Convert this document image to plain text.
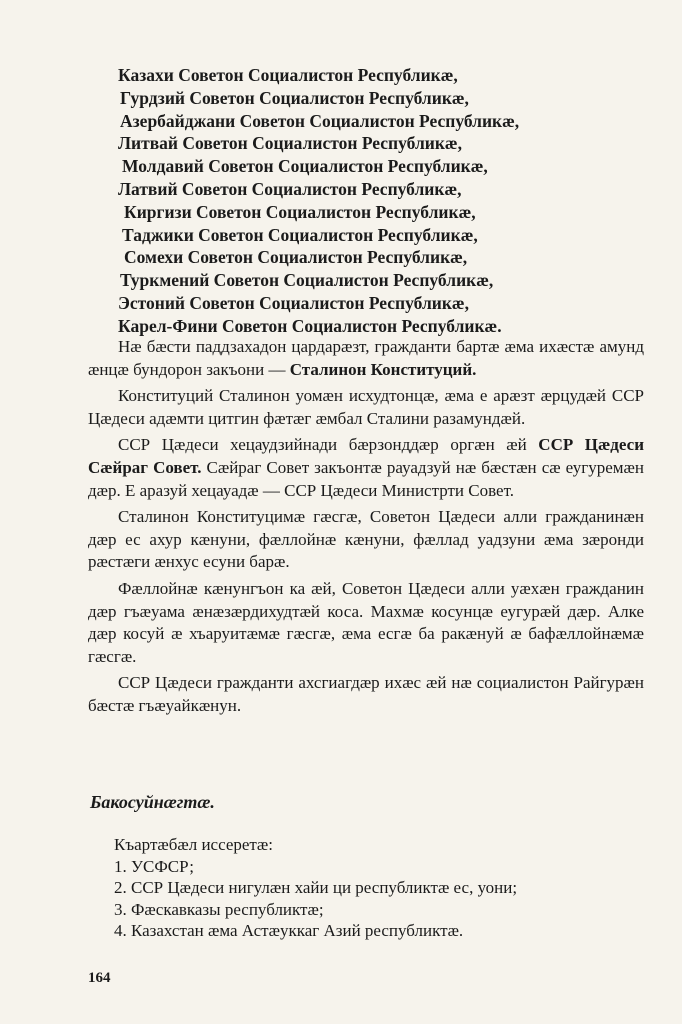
Казахи Советон Социалистон Республикæ,
Гурдзий Советон Социалистон Республикæ,
Азербайджани Советон Социалистон Республикæ,
Литвай Советон Социалистон Республикæ,
Молдавий Советон Социалистон Республикæ,
Латвий Советон Социалистон Республикæ,
Киргизи Советон Социалистон Республикæ,
Таджики Советон Социалистон Республикæ,
Сомехи Советон Социалистон Республикæ,
Туркмений Советон Социалистон Республикæ,
Эстоний Советон Социалистон Республикæ,
Карел-Фини Советон Социалистон Республикæ.

Нæ бæсти паддзахадон цардарæзт, гражданти бартæ æма ихæстæ амунд æнцæ бундорон закъони — Сталинон Конституций.

Конституций Сталинон уомæн исхудтонцæ, æма е арæзт æрцудæй ССР Цæдеси адæмти цитгин фæтæг æмбал Сталини разамундæй.

ССР Цæдеси хецаудзийнади бæрзонддæр оргæн æй ССР Цæдеси Сæйраг Совет. Сæйраг Совет закъонтæ рауадзуй нæ бæстæн сæ еугуремæн дæр. Е аразуй хецауадæ — ССР Цæдеси Министрти Совет.

Сталинон Конституцимæ гæсгæ, Советон Цæдеси алли гражданинæн дæр ес ахур кæнуни, фæллойнæ кæнуни, фæллад уадзуни æма зæронди рæстæги æнхус есуни барæ.

Фæллойнæ кæнунгъон ка æй, Советон Цæдеси алли уæхæн гражданин дæр гъæуама æнæзæрдихудтæй коса. Махмæ косунцæ еугурæй дæр. Алке дæр косуй æ хъаруитæмæ гæсгæ, æма есгæ ба ракæнуй æ бафæллойнæмæ гæсгæ.

ССР Цæдеси гражданти ахсгиагдæр ихæс æй нæ социалистон Райгурæн бæстæ гъæуайкæнун.

Бакосуйнæгтæ.
Къартæбæл иссеретæ:
1. УСФСР;
2. ССР Цæдеси нигулæн хайи ци республиктæ ес, уони;
3. Фæскавказы республиктæ;
4. Казахстан æма Астæуккаг Азий республиктæ.
164
